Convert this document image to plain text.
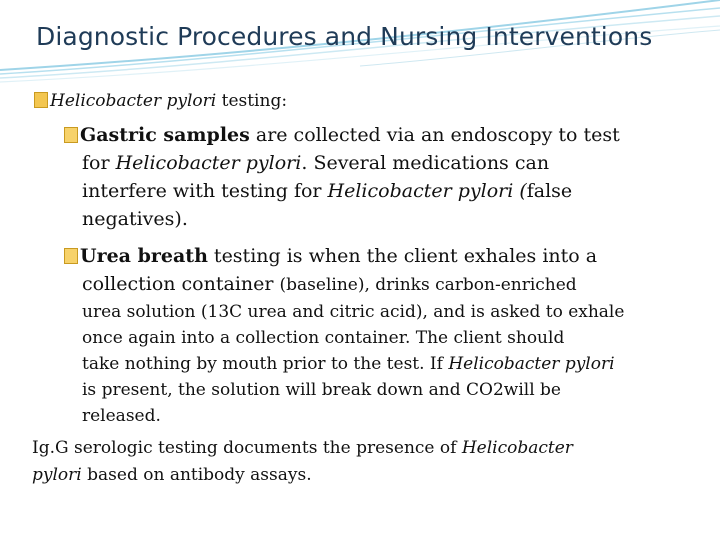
Diagnostic Procedures and Nursing Interventions
Helicobacter pylori testing:
Gastric samples are collected via an endoscopy to test
for Helicobacter pylori. Several medications can
interfere with testing for Helicobacter pylori (false
negatives).
Urea breath testing is when the client exhales into a
collection container (baseline), drinks carbon-enriched
urea solution (13C urea and citric acid), and is asked to exhale
once again into a collection container. The client should
take nothing by mouth prior to the test. If Helicobacter pylori
is present, the solution will break down and CO2will be
released.
Ig.G serologic testing documents the presence of Helicobacter
pylori based on antibody assays.
